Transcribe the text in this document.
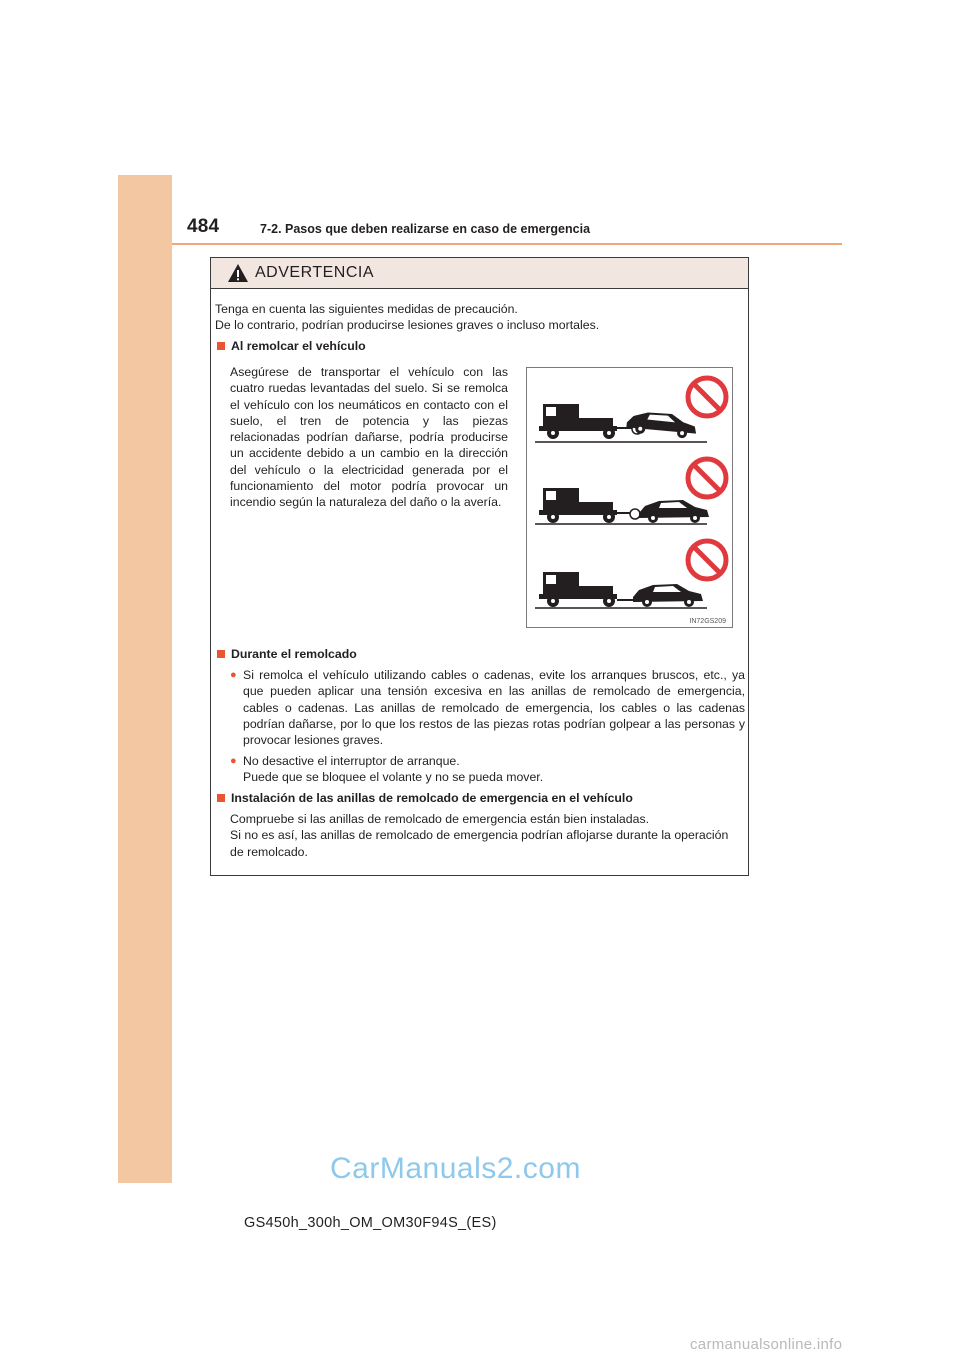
484	7-2. Pasos que deben realizarse en caso de emergencia
ADVERTENCIA
Tenga en cuenta las siguientes medidas de precaución.
De lo contrario, podrían producirse lesiones graves o incluso mortales.
Al remolcar el vehículo
Asegúrese de transportar el vehículo con las cuatro ruedas levantadas del suelo. Si se remolca el vehículo con los neumáticos en contacto con el suelo, el tren de potencia y las piezas relacionadas podrían dañarse, podría producirse un accidente debido a un cambio en la dirección del vehículo o la electricidad generada por el funcionamiento del motor podría provocar un incendio según la naturaleza del daño o la avería.
IN72GS209
Durante el remolcado
● Si remolca el vehículo utilizando cables o cadenas, evite los arranques bruscos, etc., ya que pueden aplicar una tensión excesiva en las anillas de remolcado de emergencia, cables o cadenas. Las anillas de remolcado de emergencia, los cables o las cadenas podrían dañarse, por lo que los restos de las piezas rotas podrían golpear a las personas y provocar lesiones graves.
● No desactive el interruptor de arranque.
Puede que se bloquee el volante y no se pueda mover.
Instalación de las anillas de remolcado de emergencia en el vehículo
Compruebe si las anillas de remolcado de emergencia están bien instaladas.
Si no es así, las anillas de remolcado de emergencia podrían aflojarse durante la operación de remolcado.
CarManuals2.com
GS450h_300h_OM_OM30F94S_(ES)
carmanualsonline.info
